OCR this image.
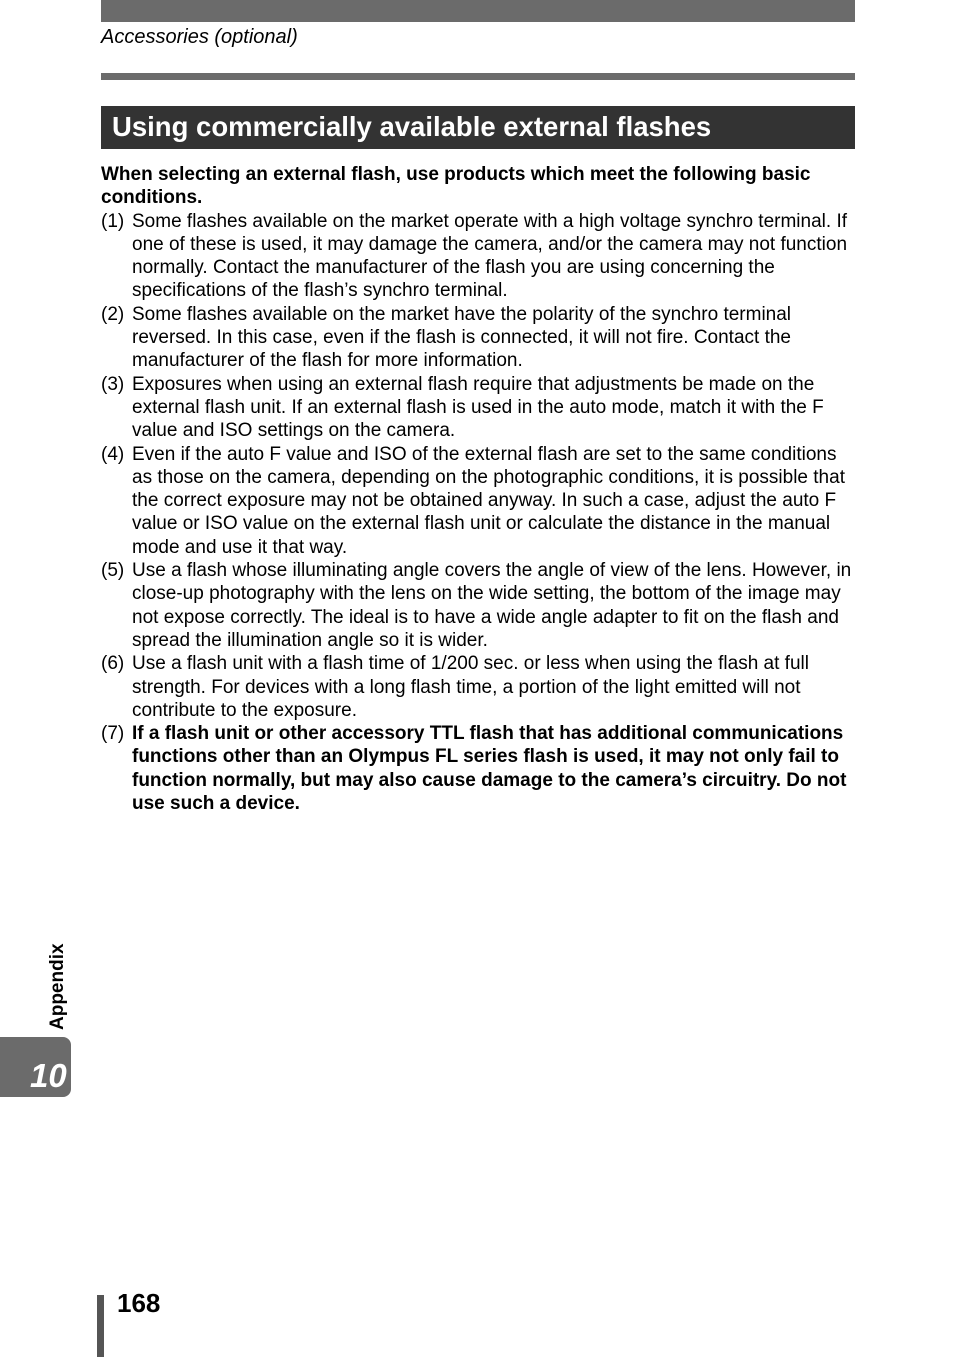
Accessories (optional)
Using commercially available external flashes

When selecting an external flash, use products which meet the following basic conditions.

(1) Some flashes available on the market operate with a high voltage synchro terminal. If one of these is used, it may damage the camera, and/or the camera may not function normally. Contact the manufacturer of the flash you are using concerning the specifications of the flash’s synchro terminal.
(2) Some flashes available on the market have the polarity of the synchro terminal reversed. In this case, even if the flash is connected, it will not fire. Contact the manufacturer of the flash for more information.
(3) Exposures when using an external flash require that adjustments be made on the external flash unit. If an external flash is used in the auto mode, match it with the F value and ISO settings on the camera.
(4) Even if the auto F value and ISO of the external flash are set to the same conditions as those on the camera, depending on the photographic conditions, it is possible that the correct exposure may not be obtained anyway. In such a case, adjust the auto F value or ISO value on the external flash unit or calculate the distance in the manual mode and use it that way.
(5) Use a flash whose illuminating angle covers the angle of view of the lens. However, in close-up photography with the lens on the wide setting, the bottom of the image may not expose correctly. The ideal is to have a wide angle adapter to fit on the flash and spread the illumination angle so it is wider.
(6) Use a flash unit with a flash time of 1/200 sec. or less when using the flash at full strength. For devices with a long flash time, a portion of the light emitted will not contribute to the exposure.
(7) If a flash unit or other accessory TTL flash that has additional communications functions other than an Olympus FL series flash is used, it may not only fail to function normally, but may also cause damage to the camera’s circuitry. Do not use such a device.
Appendix
10
168
